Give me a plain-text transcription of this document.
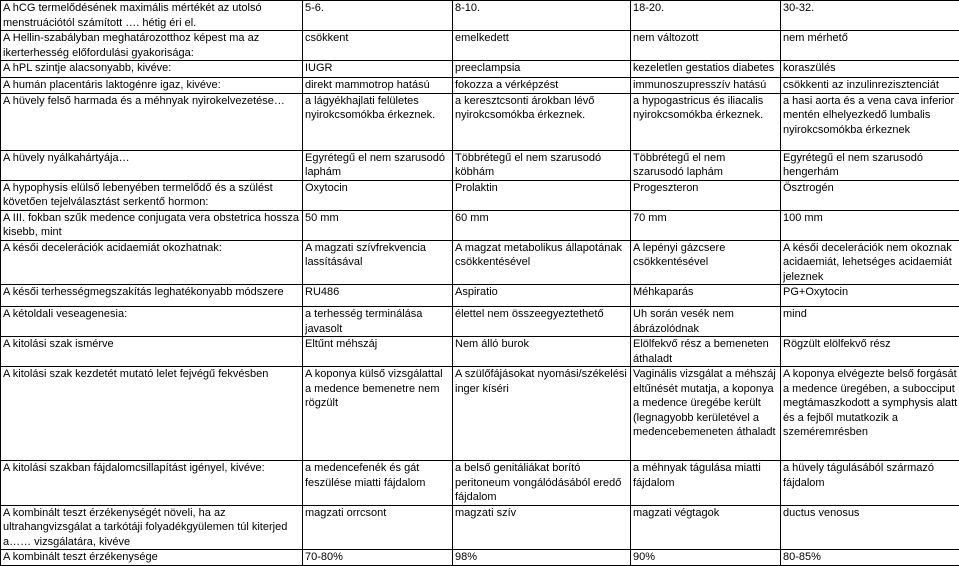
A hCG termelődésének maximális mértékét az utolsó menstruációtól számított …. hétig éri el.	5-6.	8-10.	18-20.	30-32.
A Hellin-szabályban meghatározotthoz képest ma az ikerterhesség előfordulási gyakorisága:	csökkent	emelkedett	nem változott	nem mérhető
A hPL szintje alacsonyabb, kivéve:	IUGR	preeclampsia	kezeletlen gestatios diabetes	koraszülés
A humán placentáris laktogénre igaz, kivéve:	direkt mammotrop hatású	fokozza a vérképzést	immunoszupresszív hatású	csökkenti az inzulinrezisztenciát
A hüvely felső harmada és a méhnyak nyirokelvezetése…	a lágyékhajlati felületes nyirokcsomókba érkeznek.	a keresztcsonti árokban lévő nyirokcsomókba érkeznek.	a hypogastricus és iliacalis nyirokcsomókba érkeznek.	a hasi aorta és a vena cava inferior mentén elhelyezkedő lumbalis nyirokcsomókba érkeznek
A hüvely nyálkahártyája…	Egyrétegű el nem szarusodó laphám	Többrétegű el nem szarusodó köbhám	Többrétegű el nem szarusodó laphám	Egyrétegű el nem szarusodó hengerhám
A hypophysis elülső lebenyében termelődő és a szülést követően tejelválasztást serkentő hormon:	Oxytocin	Prolaktin	Progeszteron	Ösztrogén
A III. fokban szűk medence conjugata vera obstetrica hossza kisebb, mint	50 mm	60 mm	70 mm	100 mm
A késői decelerációk acidaemiát okozhatnak:	A magzati szívfrekvencia lassításával	A magzat metabolikus állapotának csökkentésével	A lepényi gázcsere csökkentésével	A késői decelerációk nem okoznak acidaemiát, lehetséges acidaemiát jeleznek
A késői terhességmegszakítás leghatékonyabb módszere	RU486	Aspiratio	Méhkaparás	PG+Oxytocin
A kétoldali veseagenesia:	a terhesség terminálása javasolt	élettel nem összeegyeztethető	Uh során vesék nem ábrázolódnak	mind
A kitolási szak ismérve	Eltűnt méhszáj	Nem álló burok	Elölfekvő rész a bemeneten áthaladt	Rögzült elölfekvő rész
A kitolási szak kezdetét mutató lelet fejvégű fekvésben	A koponya külső vizsgálattal a medence bemenetre nem rögzült	A szülőfájásokat nyomási/székelési inger kíséri	Vaginális vizsgálat a méhszáj eltűnését mutatja, a koponya a medence üregébe került (legnagyobb kerületével a medencebemeneten áthaladt	A koponya elvégezte belső forgását a medence üregében, a subocciput megtámaszkodott a symphysis alatt és a fejből mutatkozik a szeméremrésben
A kitolási szakban fájdalomcsillapítást igényel, kivéve:	a medencefenék és gát feszülése miatti fájdalom	a belső genitáliákat borító peritoneum vongálódásából eredő fájdalom	a méhnyak tágulása miatti fájdalom	a hüvely tágulásából származó fájdalom
A kombinált teszt érzékenységét növeli, ha az ultrahangvizsgálat a tarkótáji folyadékgyülemen túl kiterjed a…… vizsgálatára, kivéve	magzati orrcsont	magzati szív	magzati végtagok	ductus venosus
A kombinált teszt érzékenysége	70-80%	98%	90%	80-85%
